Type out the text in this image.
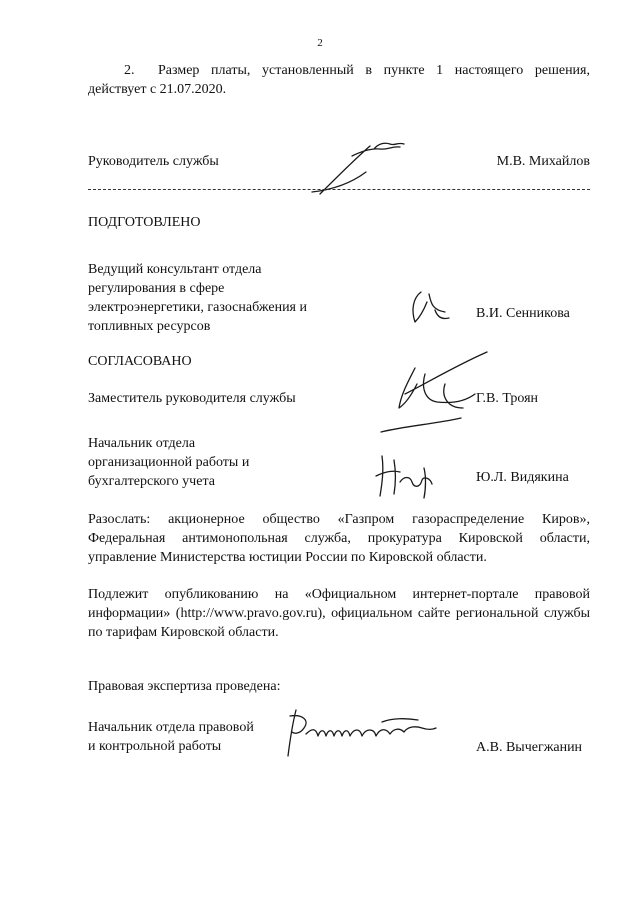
2
2. Размер платы, установленный в пункте 1 настоящего решения, действует с 21.07.2020.
Руководитель службы	М.В. Михайлов
ПОДГОТОВЛЕНО
Ведущий консультант отдела
регулирования в сфере
электроэнергетики, газоснабжения и
топливных ресурсов
В.И. Сенникова
СОГЛАСОВАНО
Заместитель руководителя службы	Г.В. Троян
Начальник отдела
организационной работы и
бухгалтерского учета	Ю.Л. Видякина
Разослать: акционерное общество «Газпром газораспределение Киров», Федеральная антимонопольная служба, прокуратура Кировской области, управление Министерства юстиции России по Кировской области.
Подлежит опубликованию на «Официальном интернет-портале правовой информации» (http://www.pravo.gov.ru), официальном сайте региональной службы по тарифам Кировской области.
Правовая экспертиза проведена:
Начальник отдела правовой
и контрольной работы	А.В. Вычегжанин
